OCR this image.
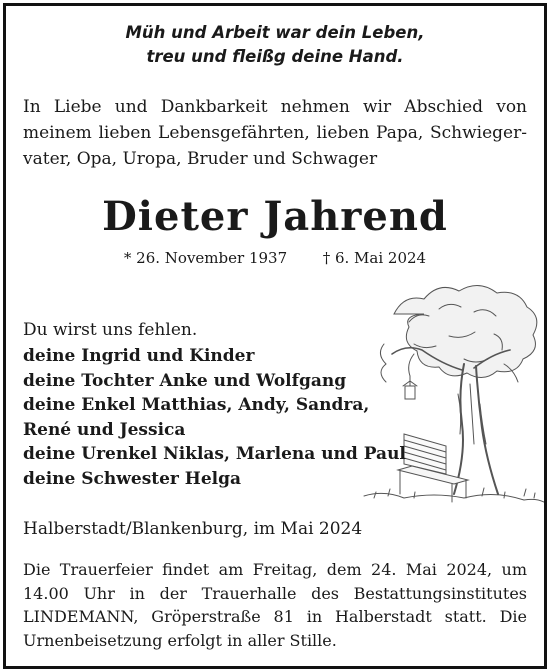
Müh und Arbeit war dein Leben,
treu und fleißg deine Hand.
In Liebe und Dankbarkeit nehmen wir Abschied von meinem lieben Lebensgefährten, lieben Papa, Schwieger-vater, Opa, Uropa, Bruder und Schwager
Dieter Jahrend
* 26. November 1937 † 6. Mai 2024
Du wirst uns fehlen.
deine Ingrid und Kinder
deine Tochter Anke und Wolfgang
deine Enkel Matthias, Andy, Sandra,
René und Jessica
deine Urenkel Niklas, Marlena und Paul
deine Schwester Helga
Halberstadt/Blankenburg, im Mai 2024
Die Trauerfeier findet am Freitag, dem 24. Mai 2024, um 14.00 Uhr in der Trauerhalle des Bestattungsinstitutes LINDEMANN, Gröperstraße 81 in Halberstadt statt. Die Urnenbeisetzung erfolgt in aller Stille.
